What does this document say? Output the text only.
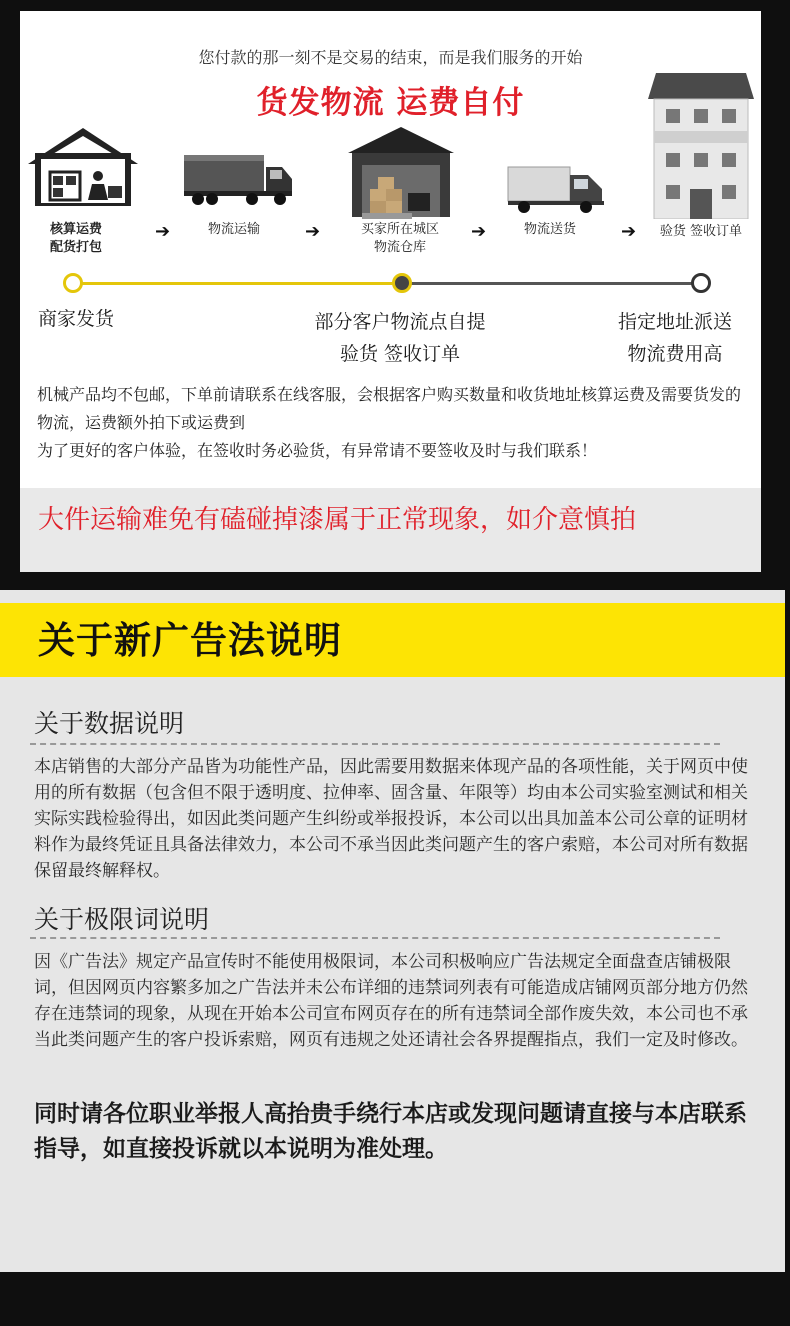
您付款的那一刻不是交易的结束，而是我们服务的开始
货发物流 运费自付
核算运费
配货打包
➔	物流运输	➔	买家所在城区
物流仓库
➔	物流送货	➔	验货 签收订单
商家发货	部分客户物流点自提
验货 签收订单
指定地址派送
物流费用高
机械产品均不包邮，下单前请联系在线客服，会根据客户购买数量和收货地址核算运费及需要货发的物流，运费额外拍下或运费到
为了更好的客户体验，在签收时务必验货，有异常请不要签收及时与我们联系！
大件运输难免有磕碰掉漆属于正常现象，如介意慎拍
关于新广告法说明
关于数据说明
本店销售的大部分产品皆为功能性产品，因此需要用数据来体现产品的各项性能，关于网页中使用的所有数据（包含但不限于透明度、拉伸率、固含量、年限等）均由本公司实验室测试和相关实际实践检验得出，如因此类问题产生纠纷或举报投诉，本公司以出具加盖本公司公章的证明材料作为最终凭证且具备法律效力，本公司不承当因此类问题产生的客户索赔，本公司对所有数据保留最终解释权。
关于极限词说明
因《广告法》规定产品宣传时不能使用极限词，本公司积极响应广告法规定全面盘查店铺极限词，但因网页内容繁多加之广告法并未公布详细的违禁词列表有可能造成店铺网页部分地方仍然存在违禁词的现象，从现在开始本公司宣布网页存在的所有违禁词全部作废失效，本公司也不承当此类问题产生的客户投诉索赔，网页有违规之处还请社会各界提醒指点，我们一定及时修改。
同时请各位职业举报人高抬贵手绕行本店或发现问题请直接与本店联系指导，如直接投诉就以本说明为准处理。
